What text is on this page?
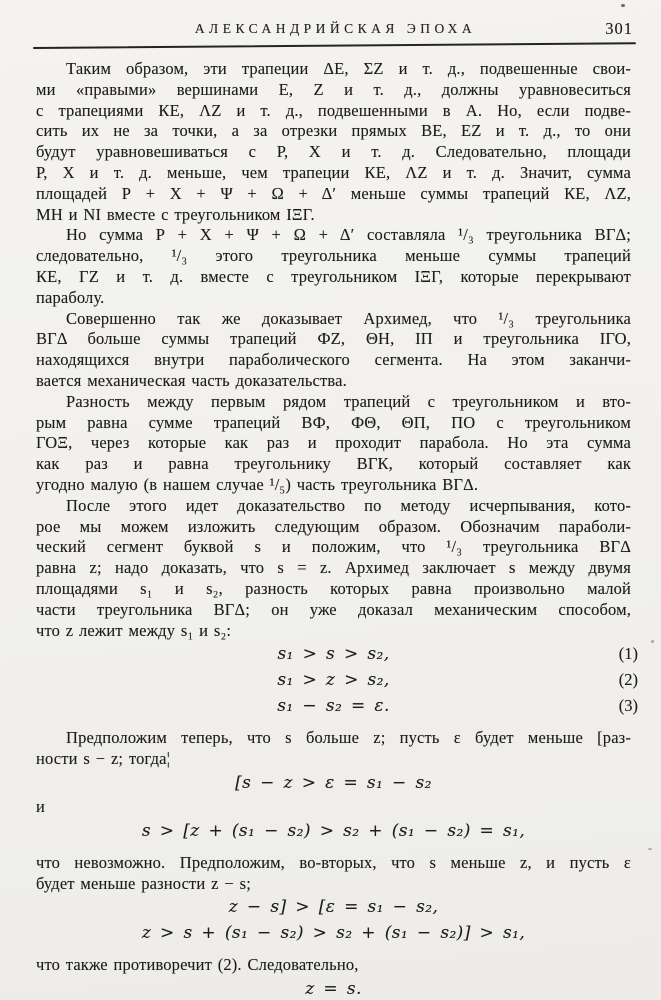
АЛЕКСАНДРИЙСКАЯ ЭПОХА	301
Таким образом, эти трапеции ΔЕ, ΣZ и т. д., подвешенные свои-
ми «правыми» вершинами Е, Z и т. д., должны уравновеситься
с трапециями КЕ, ΛZ и т. д., подвешенными в А. Но, если подве-
сить их не за точки, а за отрезки прямых ВЕ, EZ и т. д., то они
будут уравновешиваться с Р, Х и т. д. Следовательно, площади
Р, Х и т. д. меньше, чем трапеции КЕ, ΛZ и т. д. Значит, сумма
площадей Р + Х + Ψ + Ω + Δ′ меньше суммы трапеций КЕ, ΛZ,
МН и NI вместе с треугольником IΞГ.
Но сумма Р + Х + Ψ + Ω + Δ′ составляла ¹/₃ треугольника ВГΔ;
следовательно, ¹/₃ этого треугольника меньше суммы трапеций
КЕ, ГZ и т. д. вместе с треугольником IΞГ, которые перекрывают
параболу.
Совершенно так же доказывает Архимед, что ¹/₃ треугольника
ВГΔ больше суммы трапеций ФZ, ΘН, IП и треугольника IГО,
находящихся внутри параболического сегмента. На этом заканчи-
вается механическая часть доказательства.
Разность между первым рядом трапеций с треугольником и вто-
рым равна сумме трапеций ВФ, ФΘ, ΘП, ПО с треугольником
ГОΞ, через которые как раз и проходит парабола. Но эта сумма
как раз и равна треугольнику ВГК, который составляет как
угодно малую (в нашем случае ¹/₅) часть треугольника ВГΔ.
После этого идет доказательство по методу исчерпывания, кото-
рое мы можем изложить следующим образом. Обозначим параболи-
ческий сегмент буквой s и положим, что ¹/₃ треугольника ВГΔ
равна z; надо доказать, что s = z. Архимед заключает s между двумя
площадями s₁ и s₂, разность которых равна произвольно малой
части треугольника ВГΔ; он уже доказал механическим способом,
что z лежит между s₁ и s₂:
s₁ > s > s₂,	(1)
s₁ > z > s₂,	(2)
s₁ − s₂ = ε.	(3)
Предположим теперь, что s больше z; пусть ε будет меньше [раз-
ности s − z; тогда¦
[s − z > ε = s₁ − s₂
и
s > [z + (s₁ − s₂) > s₂ + (s₁ − s₂) = s₁,
что невозможно. Предположим, во-вторых, что s меньше z, и пусть ε
будет меньше разности z − s;
z − s] > [ε = s₁ − s₂,
z > s + (s₁ − s₂) > s₂ + (s₁ − s₂)] > s₁,
что также противоречит (2). Следовательно,
z = s.
